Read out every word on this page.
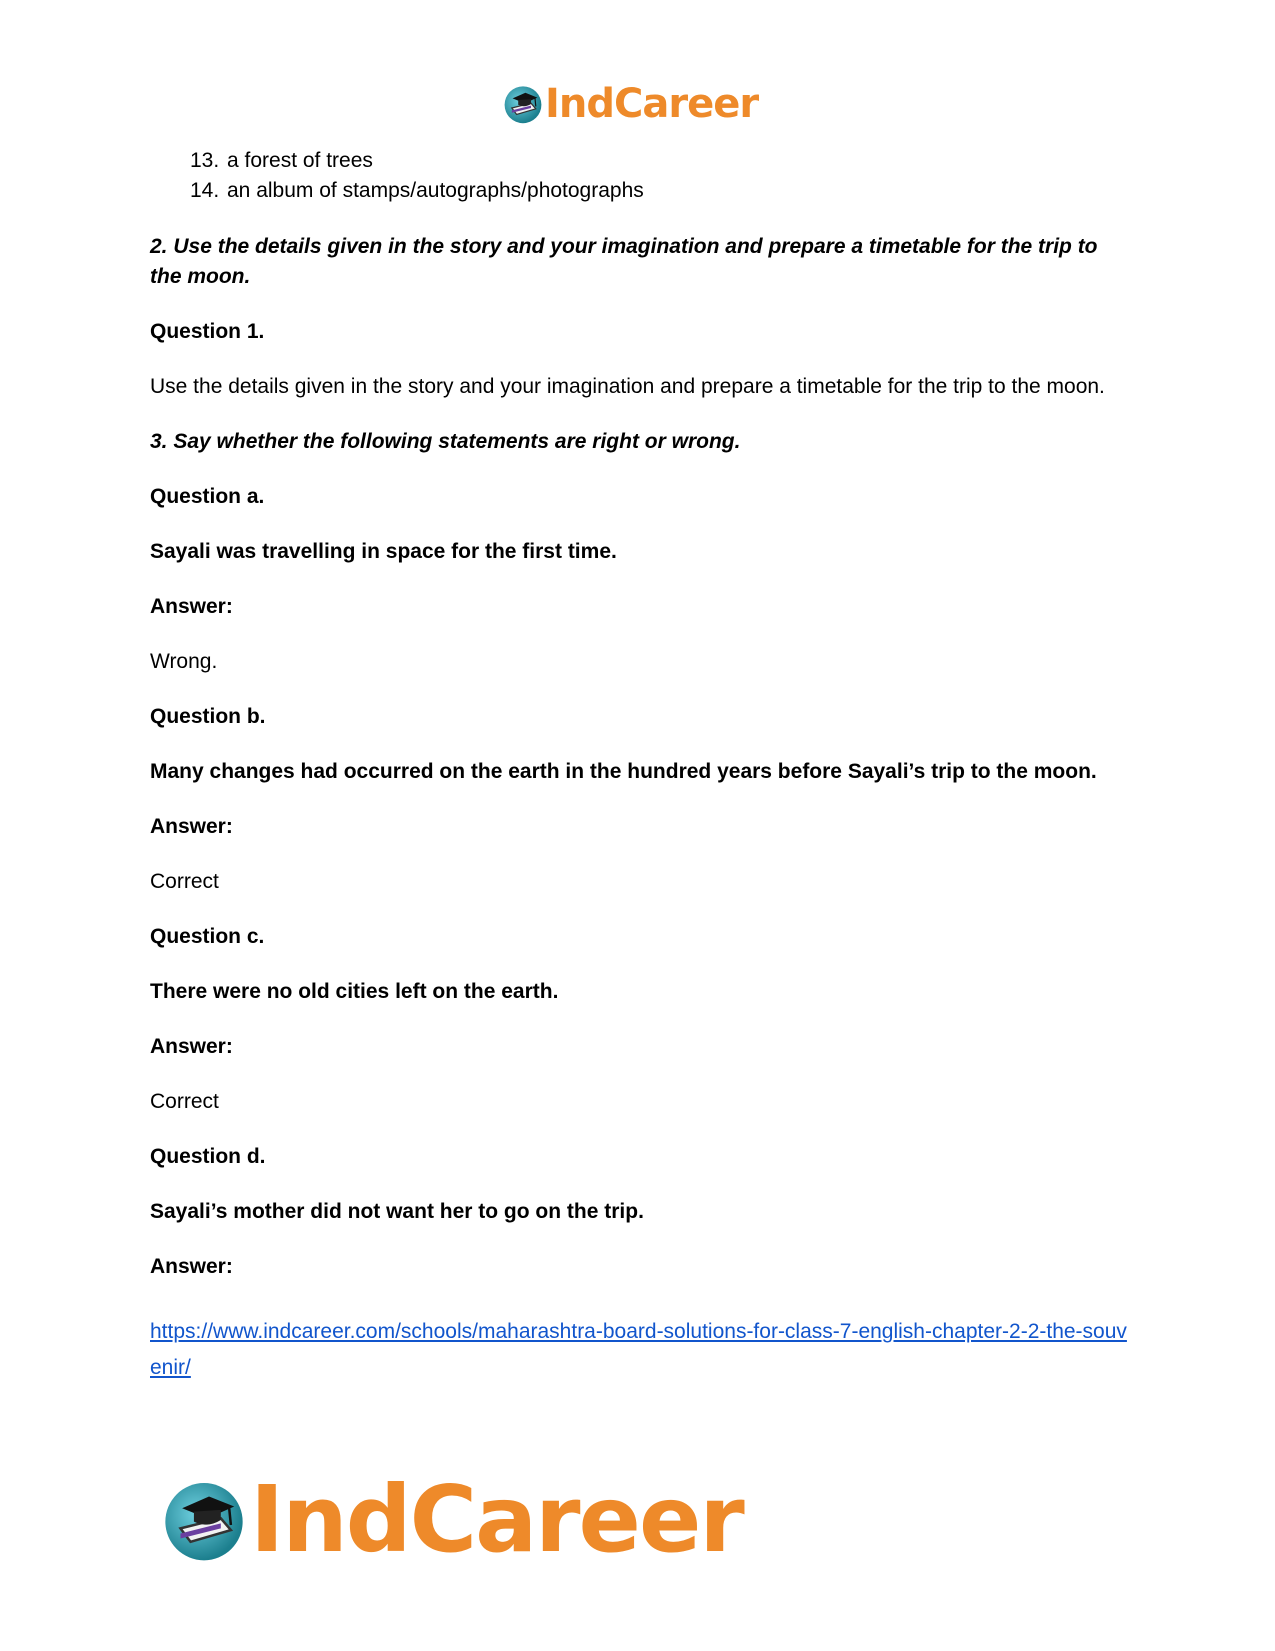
IndCareer
13. a forest of trees
14. an album of stamps/autographs/photographs

2. Use the details given in the story and your imagination and prepare a timetable for the trip to the moon.

Question 1.

Use the details given in the story and your imagination and prepare a timetable for the trip to the moon.

3. Say whether the following statements are right or wrong.

Question a.

Sayali was travelling in space for the first time.

Answer:

Wrong.

Question b.

Many changes had occurred on the earth in the hundred years before Sayali’s trip to the moon.

Answer:

Correct

Question c.

There were no old cities left on the earth.

Answer:

Correct

Question d.

Sayali’s mother did not want her to go on the trip.

Answer:

https://www.indcareer.com/schools/maharashtra-board-solutions-for-class-7-english-chapter-2-2-the-souvenir/
IndCareer
